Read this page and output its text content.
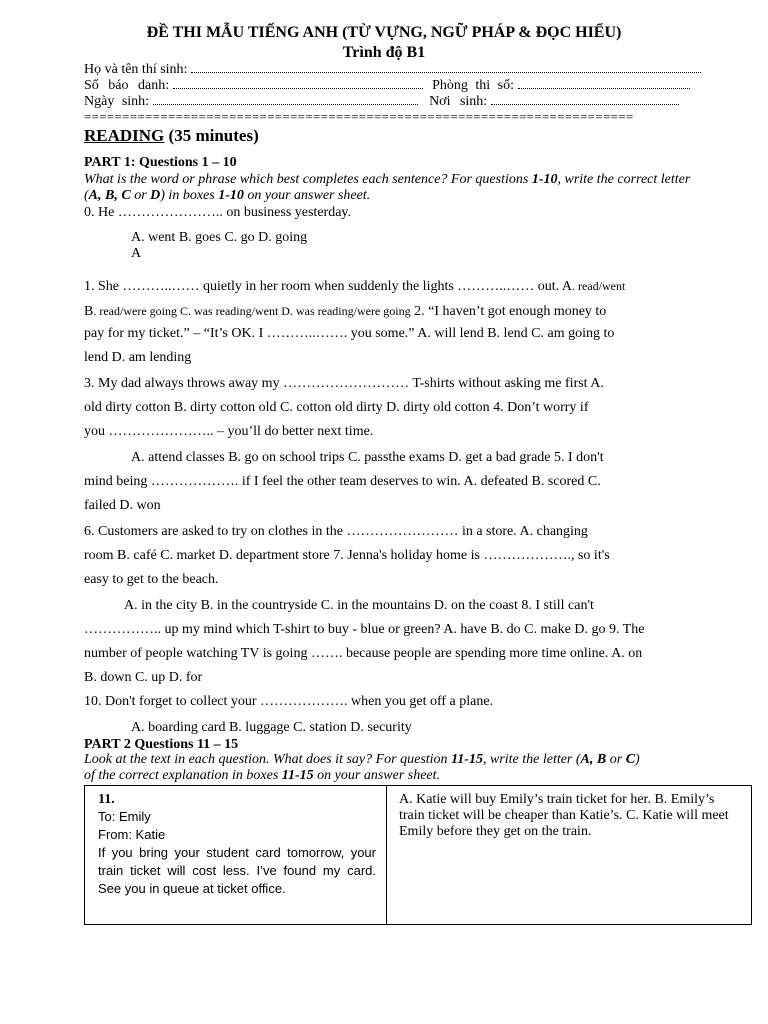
ĐỀ THI MẪU TIẾNG ANH (TỪ VỰNG, NGỮ PHÁP & ĐỌC HIỂU)
Trình độ B1
Họ và tên thí sinh:
Số báo danh:	Phòng thi số:
Ngày sinh:	Nơi sinh:
========================================================================
READING (35 minutes)
PART 1: Questions 1 – 10
What is the word or phrase which best completes each sentence? For questions 1-10, write the correct letter (A, B, C or D) in boxes 1-10 on your answer sheet.
0. He ………………….. on business yesterday.
A. went B. goes C. go D. going
A
1. She ………..…… quietly in her room when suddenly the lights ………..…… out. A. read/went
B. read/were going C. was reading/went D. was reading/were going 2. “I haven’t got enough money to
pay for my ticket.” – “It’s OK. I ………..……. you some.” A. will lend B. lend C. am going to
lend D. am lending
3. My dad always throws away my ……………………… T-shirts without asking me first A.
old dirty cotton B. dirty cotton old C. cotton old dirty D. dirty old cotton 4. Don’t worry if
you ………………….. – you’ll do better next time.
A. attend classes B. go on school trips C. passthe exams D. get a bad grade 5. I don't
mind being ………………. if I feel the other team deserves to win. A. defeated B. scored C.
failed D. won
6. Customers are asked to try on clothes in the …………………… in a store. A. changing
room B. café C. market D. department store 7. Jenna's holiday home is ………………., so it's
easy to get to the beach.
A. in the city B. in the countryside C. in the mountains D. on the coast 8. I still can't
…………….. up my mind which T-shirt to buy - blue or green? A. have B. do C. make D. go 9. The
number of people watching TV is going ……. because people are spending more time online. A. on
B. down C. up D. for
10. Don't forget to collect your ………………. when you get off a plane.
A. boarding card B. luggage C. station D. security
PART 2 Questions 11 – 15
Look at the text in each question. What does it say? For question 11-15, write the letter (A, B or C)
of the correct explanation in boxes 11-15 on your answer sheet.
11.
To: Emily
From: Katie
If you bring your student card tomorrow, your train ticket will cost less. I’ve found my card. See you in queue at ticket office.
	A. Katie will buy Emily’s train ticket for her. B. Emily’s train ticket will be cheaper than Katie’s. C. Katie will meet Emily before they get on the train.
